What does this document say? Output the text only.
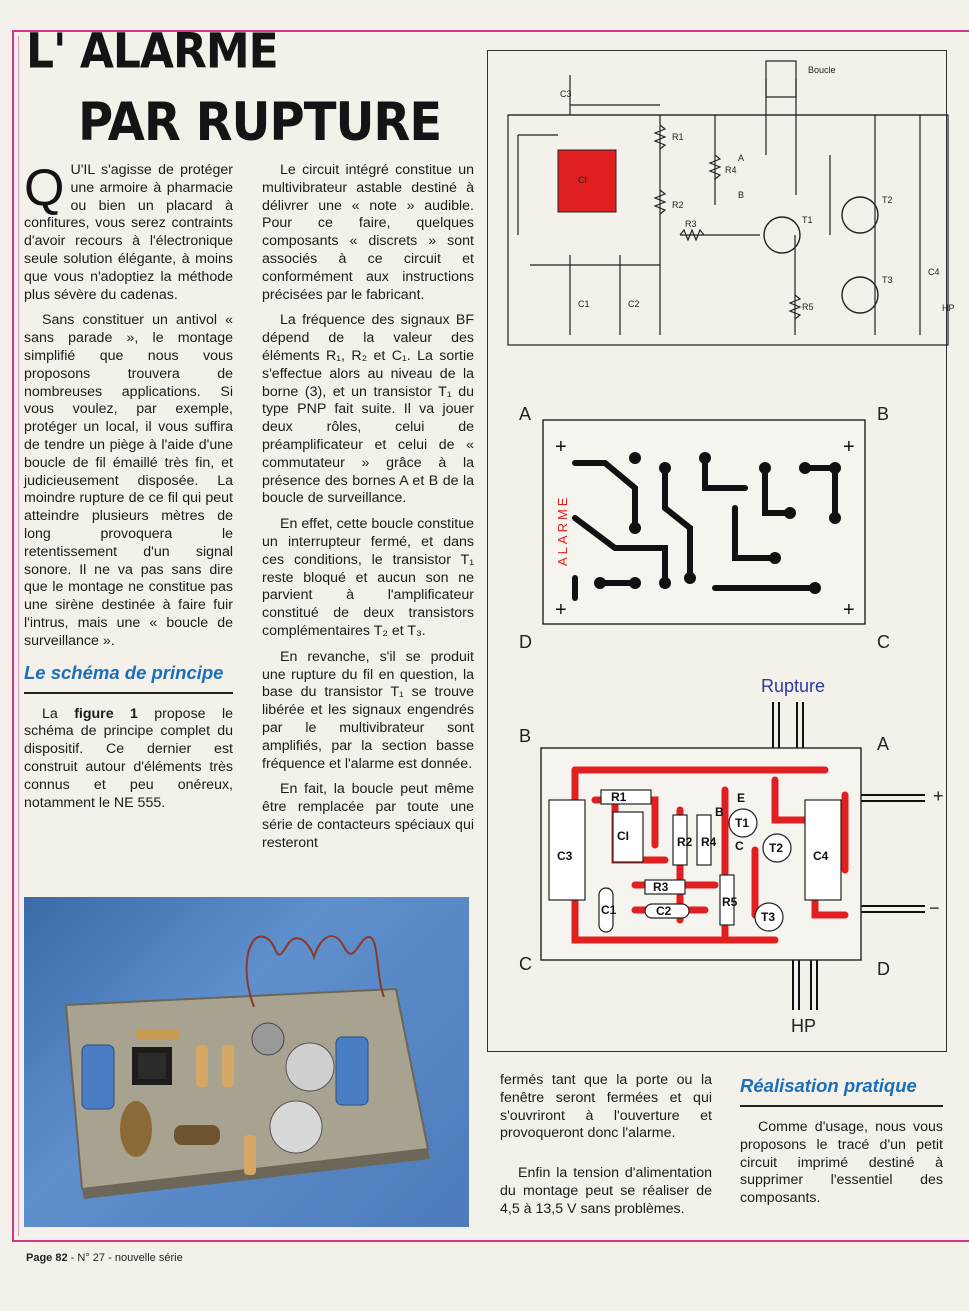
L' ALARME
PAR RUPTURE

Q U'IL s'agisse de protéger une armoire à pharmacie ou bien un placard à confitures, vous serez contraints d'avoir recours à l'électronique seule solution élégante, à moins que vous n'adoptiez la méthode plus sévère du cadenas.

Sans constituer un antivol « sans parade », le montage simplifié que nous vous proposons trouvera de nombreuses applications. Si vous voulez, par exemple, protéger un local, il vous suffira de tendre un piège à l'aide d'une boucle de fil émaillé très fin, et judicieusement disposée. La moindre rupture de ce fil qui peut atteindre plusieurs mètres de long provoquera le retentissement d'un signal sonore. Il ne va pas sans dire que le montage ne constitue pas une sirène destinée à faire fuir l'intrus, mais une « boucle de surveillance ».

Le schéma de principe

La figure 1 propose le schéma de principe complet du dispositif. Ce dernier est construit autour d'éléments très connus et peu onéreux, notamment le NE 555.

Le circuit intégré constitue un multivibrateur astable destiné à délivrer une « note » audible. Pour ce faire, quelques composants « discrets » sont associés à ce circuit et conformément aux instructions précisées par le fabricant.

La fréquence des signaux BF dépend de la valeur des éléments R₁, R₂ et C₁. La sortie s'effectue alors au niveau de la borne (3), et un transistor T₁ du type PNP fait suite. Il va jouer deux rôles, celui de préamplificateur et celui de « commutateur » grâce à la présence des bornes A et B de la boucle de surveillance.

En effet, cette boucle constitue un interrupteur fermé, et dans ces conditions, le transistor T₁ reste bloqué et aucun son ne parvient à l'amplificateur constitué de deux transistors complémentaires T₂ et T₃.

En revanche, s'il se produit une rupture du fil en question, la base du transistor T₁ se trouve libérée et les signaux engendrés par le multivibrateur sont amplifiés, par la section basse fréquence et l'alarme est donnée.

En fait, la boucle peut même être remplacée par toute une série de contacteurs spéciaux qui resteront

fermés tant que la porte ou la fenêtre seront fermées et qui s'ouvriront à l'ouverture et provoqueront donc l'alarme.

Enfin la tension d'alimentation du montage peut se réaliser de 4,5 à 13,5 V sans problèmes.

Réalisation pratique

Comme d'usage, nous vous proposons le tracé d'un petit circuit imprimé destiné à supprimer l'essentiel des composants.

Boucle
CI
C3
R1
R2
R3
R4
R5
C1	C2
C4
T1
T2
T3
A
B
HP
A	B
C
D
ALARME
+	+
+	+
Rupture
B	A
C	D
+
−
HP
R1
R2 R4
R3
C2
R5
C1
C3	C4
T1
T2
T3
CI
E
B
C
Page 82 - N° 27 - nouvelle série
